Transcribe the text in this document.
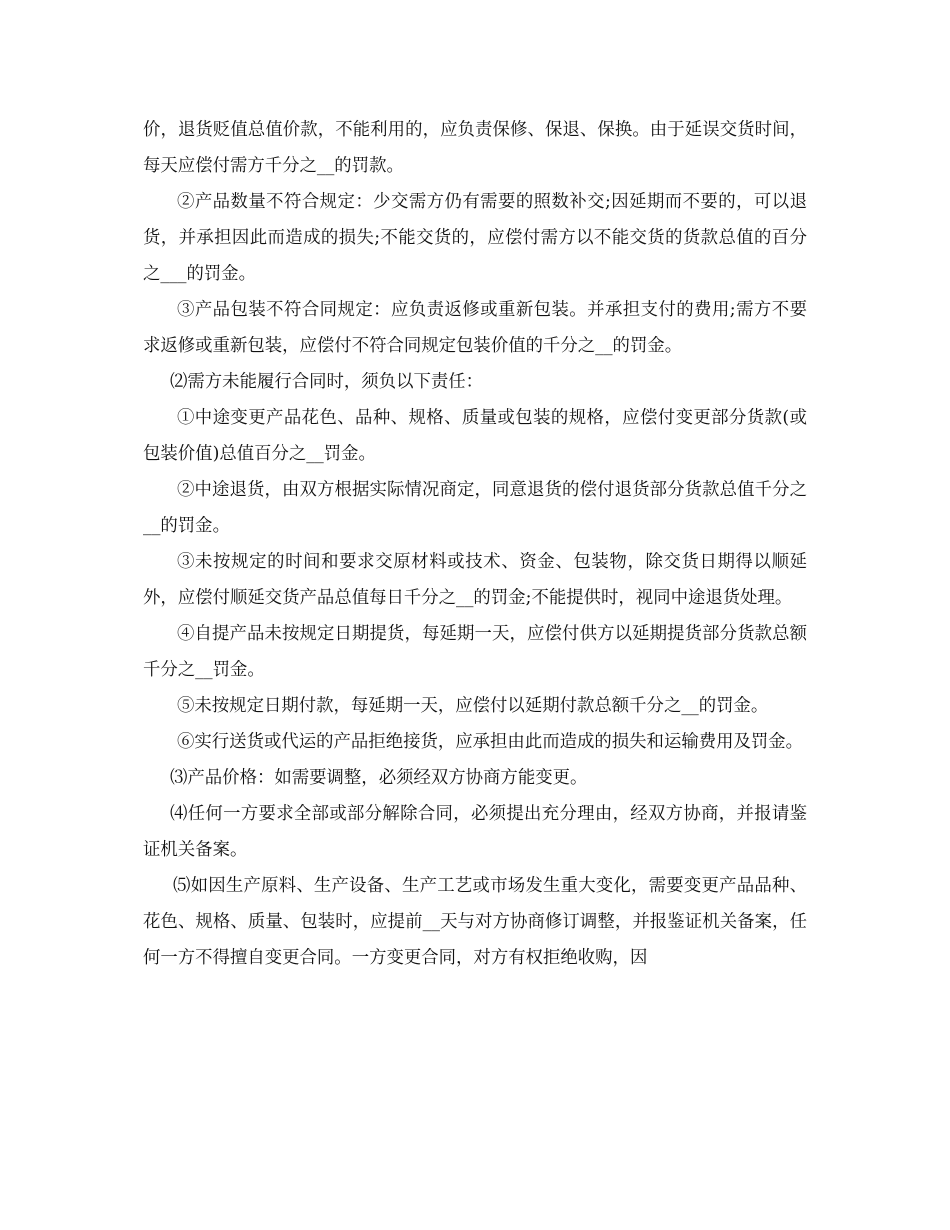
价，退货贬值总值价款，不能利用的，应负责保修、保退、保换。由于延误交货时间，每天应偿付需方千分之__的罚款。

②产品数量不符合规定：少交需方仍有需要的照数补交;因延期而不要的，可以退货，并承担因此而造成的损失;不能交货的，应偿付需方以不能交货的货款总值的百分之___的罚金。

③产品包装不符合同规定：应负责返修或重新包装。并承担支付的费用;需方不要求返修或重新包装，应偿付不符合同规定包装价值的千分之__的罚金。

⑵需方未能履行合同时，须负以下责任：

①中途变更产品花色、品种、规格、质量或包装的规格，应偿付变更部分货款(或包装价值)总值百分之__罚金。

②中途退货，由双方根据实际情况商定，同意退货的偿付退货部分货款总值千分之__的罚金。

③未按规定的时间和要求交原材料或技术、资金、包装物，除交货日期得以顺延外，应偿付顺延交货产品总值每日千分之__的罚金;不能提供时，视同中途退货处理。

④自提产品未按规定日期提货，每延期一天，应偿付供方以延期提货部分货款总额千分之__罚金。

⑤未按规定日期付款，每延期一天，应偿付以延期付款总额千分之__的罚金。

⑥实行送货或代运的产品拒绝接货，应承担由此而造成的损失和运输费用及罚金。

⑶产品价格：如需要调整，必须经双方协商方能变更。

⑷任何一方要求全部或部分解除合同，必须提出充分理由，经双方协商，并报请鉴证机关备案。

⑸如因生产原料、生产设备、生产工艺或市场发生重大变化，需要变更产品品种、花色、规格、质量、包装时，应提前__天与对方协商修订调整，并报鉴证机关备案，任何一方不得擅自变更合同。一方变更合同，对方有权拒绝收购，因
